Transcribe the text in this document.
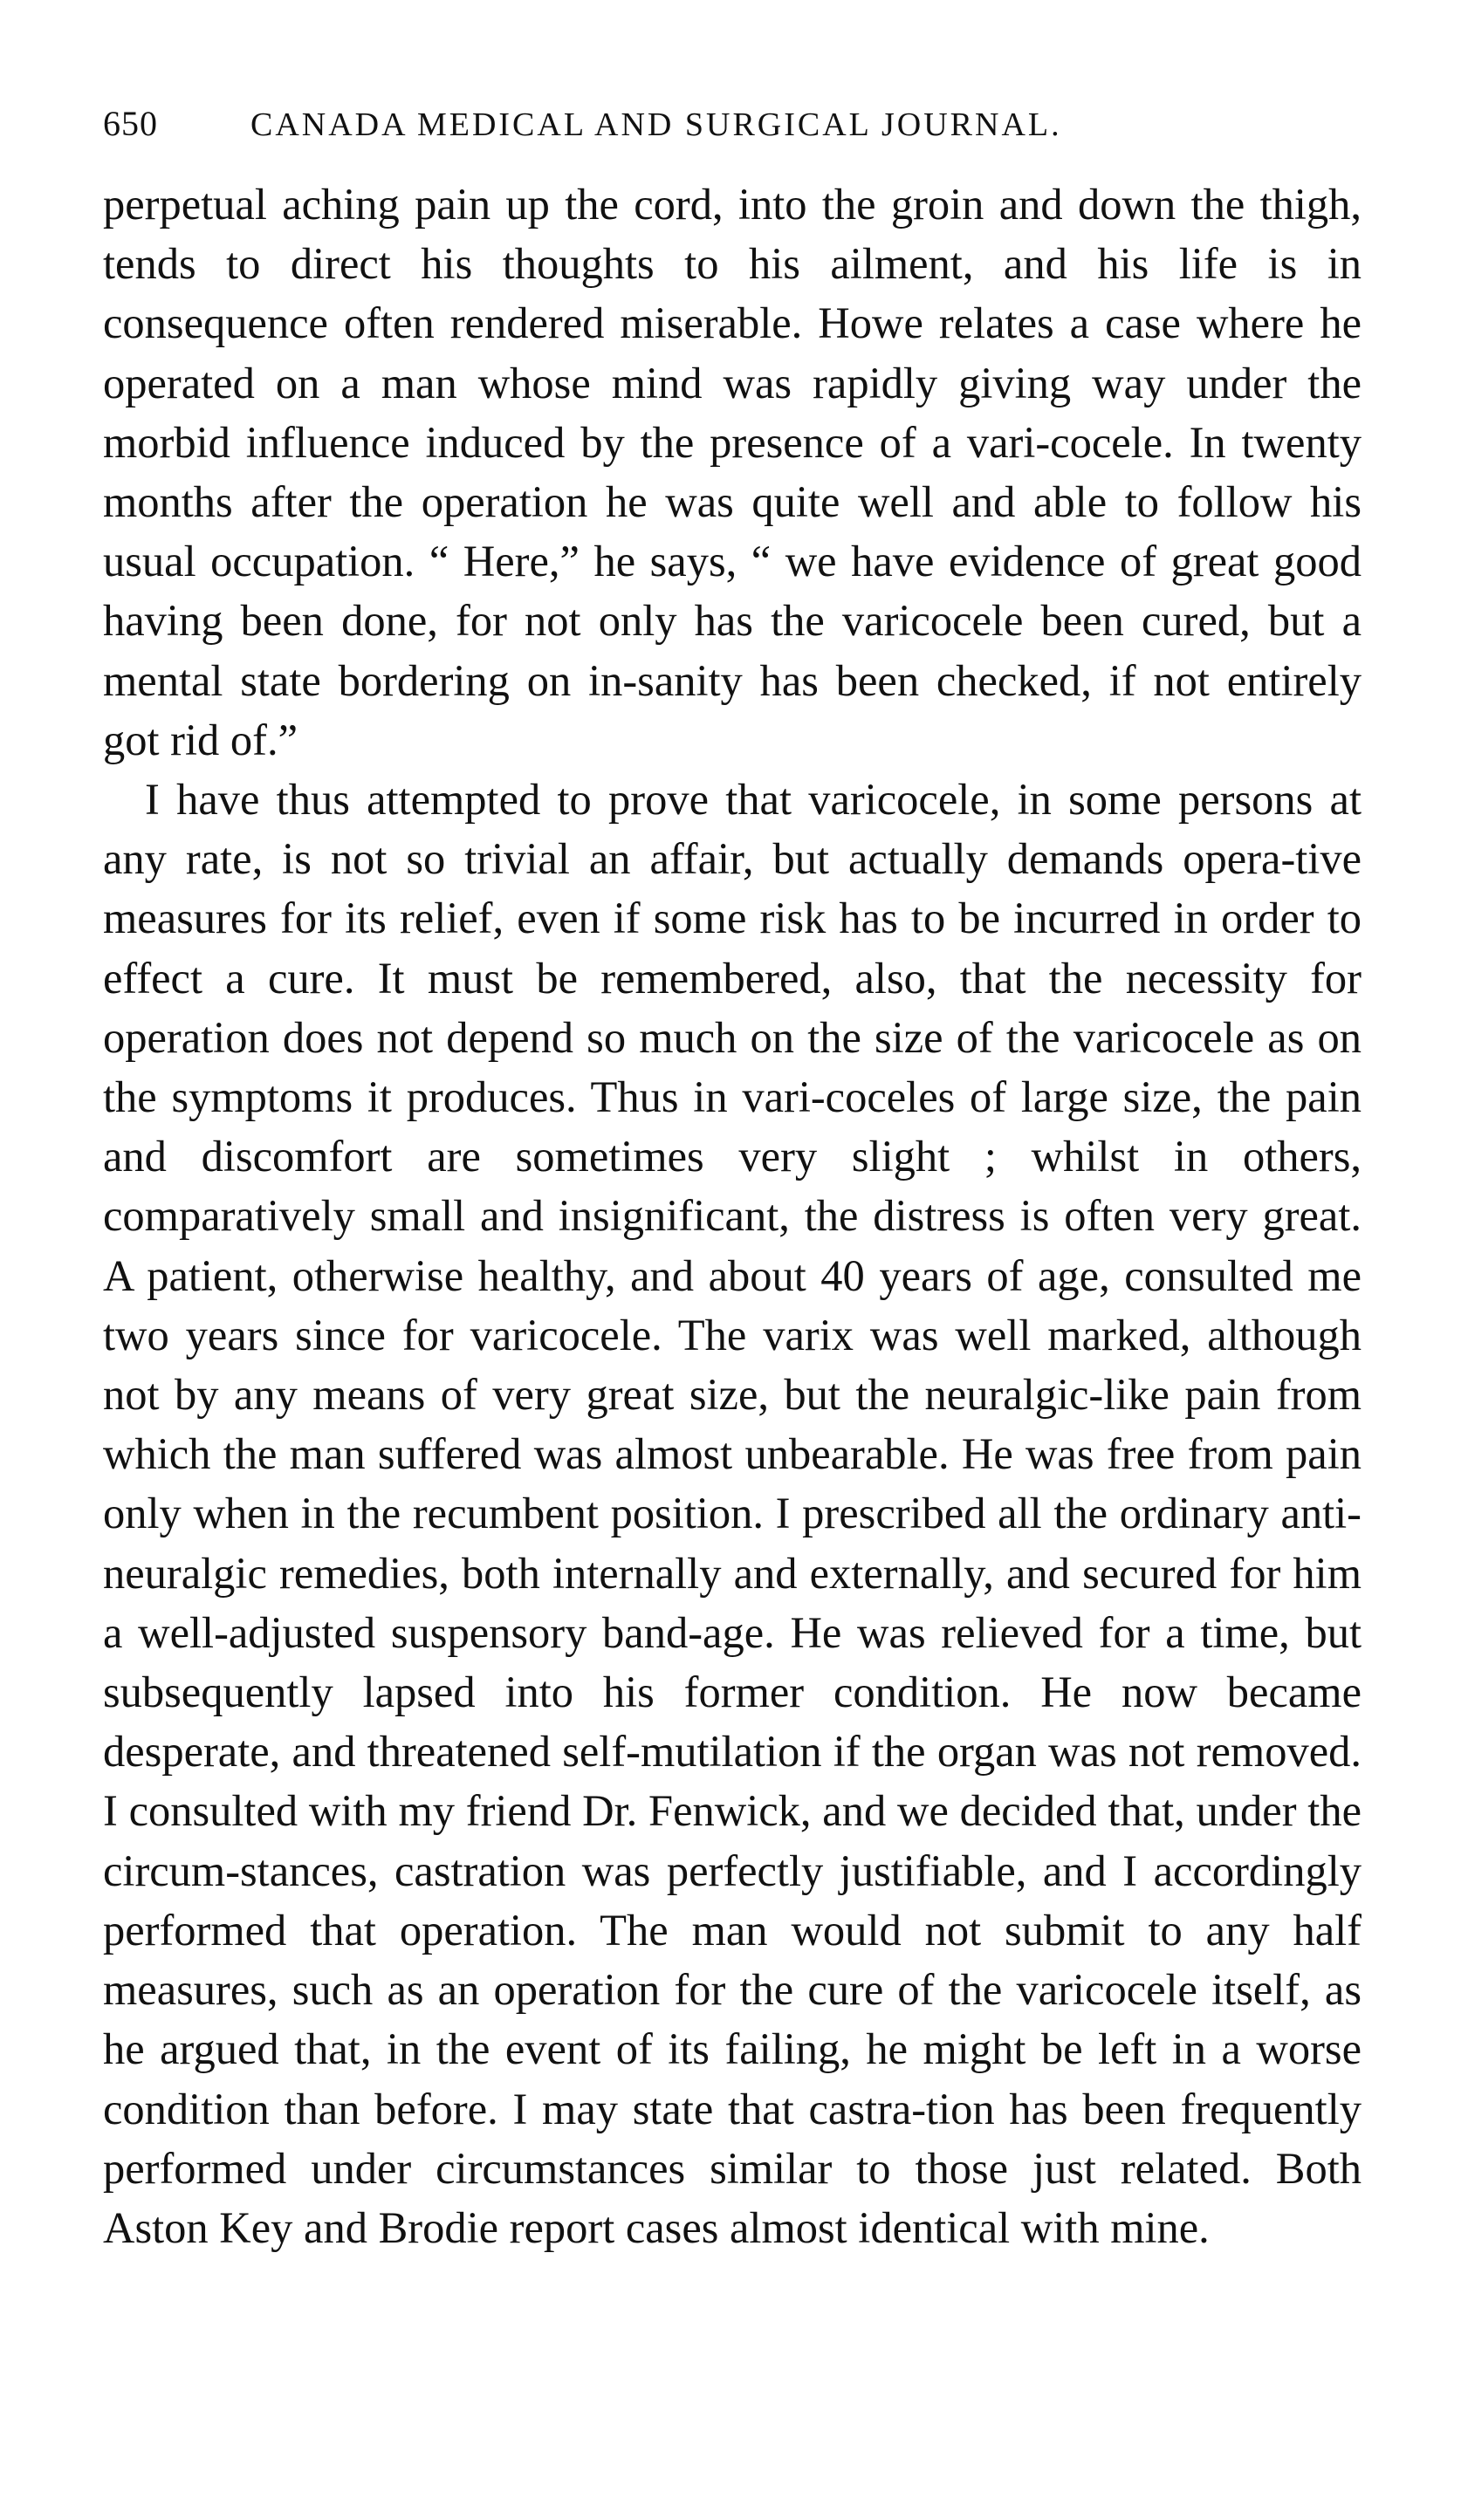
650	CANADA MEDICAL AND SURGICAL JOURNAL.

perpetual aching pain up the cord, into the groin and down the thigh, tends to direct his thoughts to his ailment, and his life is in consequence often rendered miserable. Howe relates a case where he operated on a man whose mind was rapidly giving way under the morbid influence induced by the presence of a vari-cocele. In twenty months after the operation he was quite well and able to follow his usual occupation. “ Here,” he says, “ we have evidence of great good having been done, for not only has the varicocele been cured, but a mental state bordering on in-sanity has been checked, if not entirely got rid of.”

I have thus attempted to prove that varicocele, in some persons at any rate, is not so trivial an affair, but actually demands opera-tive measures for its relief, even if some risk has to be incurred in order to effect a cure. It must be remembered, also, that the necessity for operation does not depend so much on the size of the varicocele as on the symptoms it produces. Thus in vari-coceles of large size, the pain and discomfort are sometimes very slight ; whilst in others, comparatively small and insignificant, the distress is often very great. A patient, otherwise healthy, and about 40 years of age, consulted me two years since for varicocele. The varix was well marked, although not by any means of very great size, but the neuralgic-like pain from which the man suffered was almost unbearable. He was free from pain only when in the recumbent position. I prescribed all the ordinary anti-neuralgic remedies, both internally and externally, and secured for him a well-adjusted suspensory band-age. He was relieved for a time, but subsequently lapsed into his former condition. He now became desperate, and threatened self-mutilation if the organ was not removed. I consulted with my friend Dr. Fenwick, and we decided that, under the circum-stances, castration was perfectly justifiable, and I accordingly performed that operation. The man would not submit to any half measures, such as an operation for the cure of the varicocele itself, as he argued that, in the event of its failing, he might be left in a worse condition than before. I may state that castra-tion has been frequently performed under circumstances similar to those just related. Both Aston Key and Brodie report cases almost identical with mine.
